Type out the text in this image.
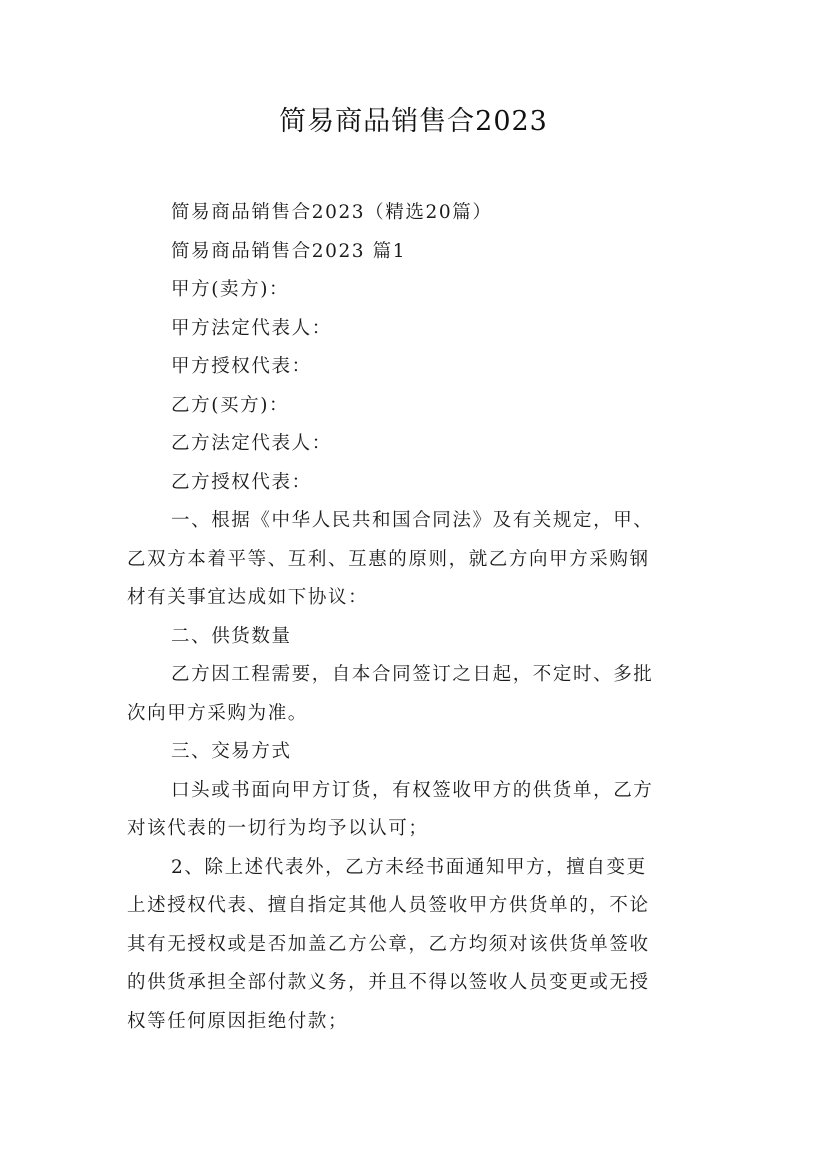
简易商品销售合2023

简易商品销售合2023（精选20篇）

简易商品销售合2023 篇1

甲方(卖方)：

甲方法定代表人：

甲方授权代表：

乙方(买方)：

乙方法定代表人：

乙方授权代表：

一、根据《中华人民共和国合同法》及有关规定，甲、

乙双方本着平等、互利、互惠的原则，就乙方向甲方采购钢

材有关事宜达成如下协议：

二、供货数量

乙方因工程需要，自本合同签订之日起，不定时、多批

次向甲方采购为准。

三、交易方式

口头或书面向甲方订货，有权签收甲方的供货单，乙方

对该代表的一切行为均予以认可；

2、除上述代表外，乙方未经书面通知甲方，擅自变更

上述授权代表、擅自指定其他人员签收甲方供货单的，不论

其有无授权或是否加盖乙方公章，乙方均须对该供货单签收

的供货承担全部付款义务，并且不得以签收人员变更或无授

权等任何原因拒绝付款；
